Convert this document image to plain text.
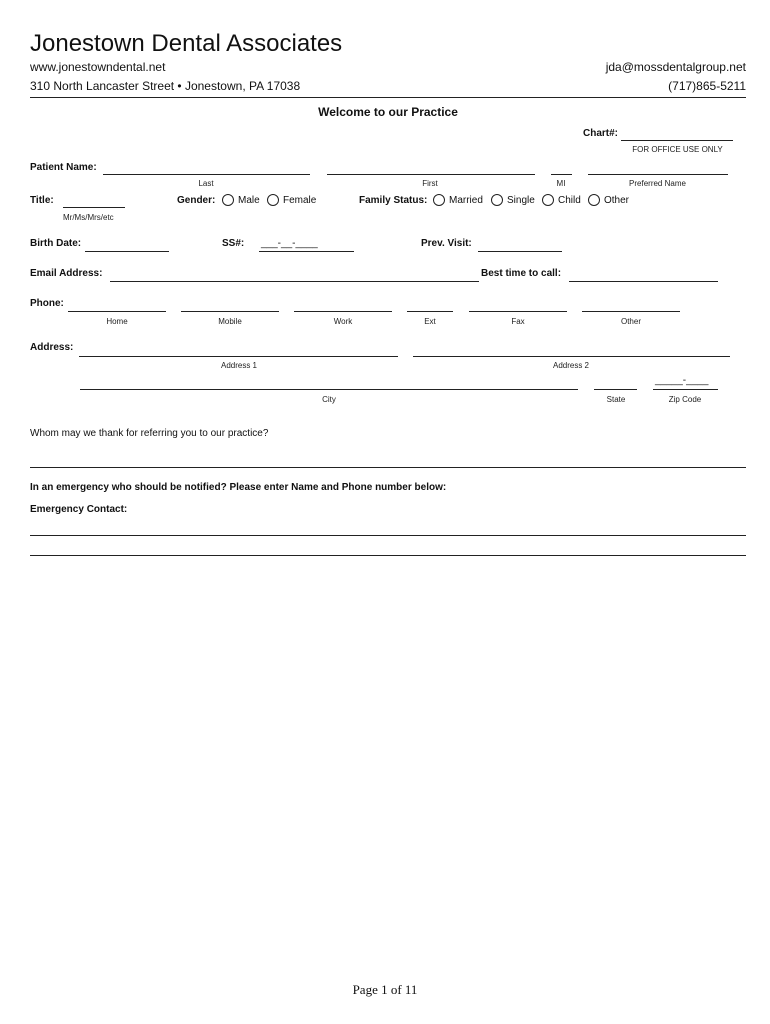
Jonestown Dental Associates
www.jonestowndental.net	jda@mossdentalgroup.net
310 North Lancaster Street • Jonestown, PA 17038	(717)865-5211
Welcome to our Practice
Chart#:
FOR OFFICE USE ONLY
Patient Name:
Last	First	MI	Preferred Name
Title:
Mr/Ms/Mrs/etc
Gender: Male Female	Family Status: Married Single Child Other
Birth Date:	SS#: ___-__-____	Prev. Visit:
Email Address:	Best time to call:
Phone:
Home	Mobile	Work	Ext	Fax	Other
Address:
Address 1	Address 2
_____-____
City	State	Zip Code
Whom may we thank for referring you to our practice?
In an emergency who should be notified? Please enter Name and Phone number below:
Emergency Contact:
Page 1 of 11
